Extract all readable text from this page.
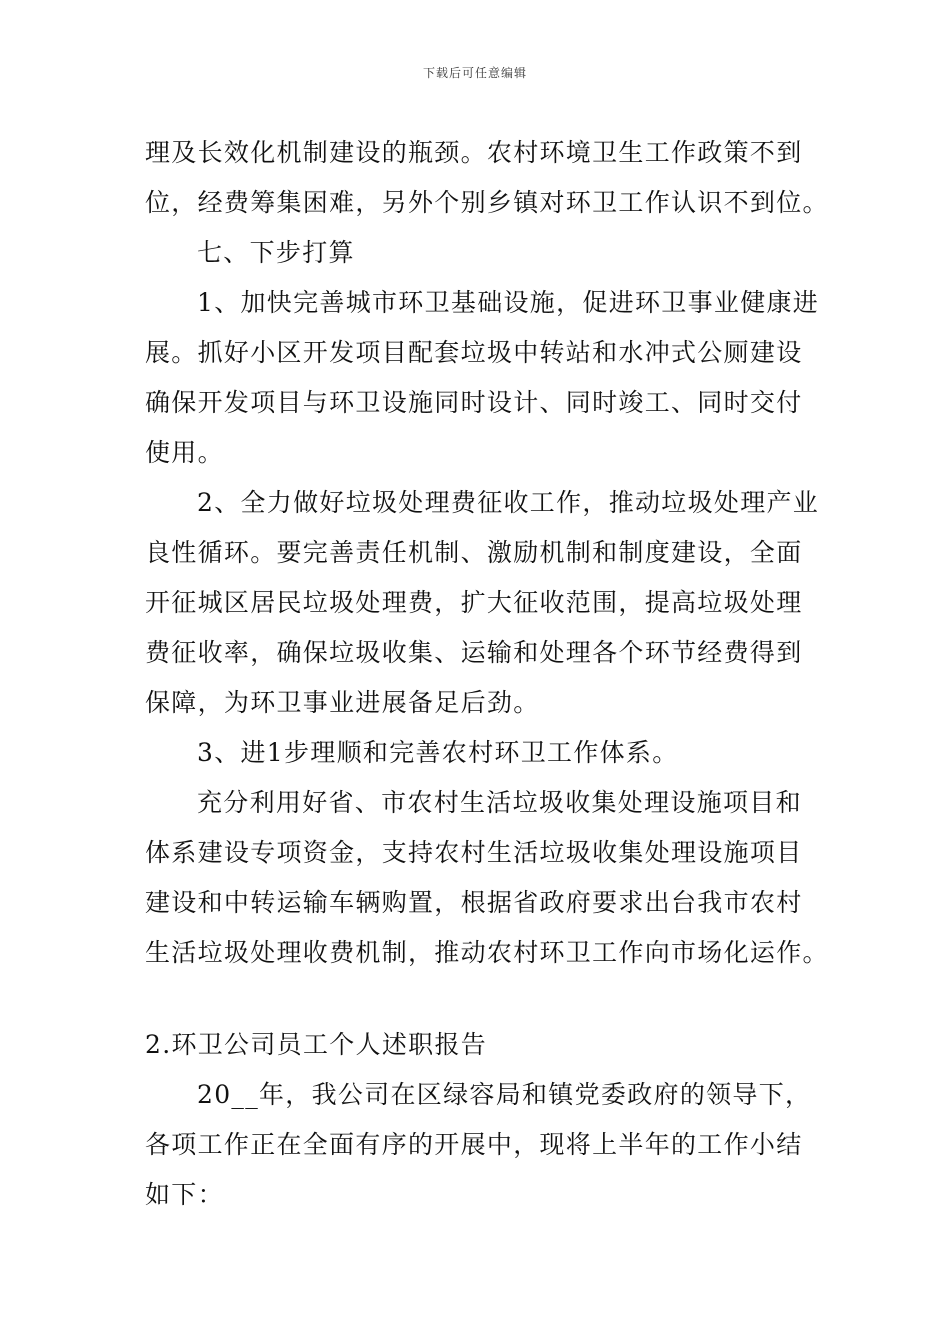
下载后可任意编辑
理及长效化机制建设的瓶颈。农村环境卫生工作政策不到
位，经费筹集困难，另外个别乡镇对环卫工作认识不到位。
七、下步打算
1、加快完善城市环卫基础设施，促进环卫事业健康进
展。抓好小区开发项目配套垃圾中转站和水冲式公厕建设
确保开发项目与环卫设施同时设计、同时竣工、同时交付
使用。
2、全力做好垃圾处理费征收工作，推动垃圾处理产业
良性循环。要完善责任机制、激励机制和制度建设，全面
开征城区居民垃圾处理费，扩大征收范围，提高垃圾处理
费征收率，确保垃圾收集、运输和处理各个环节经费得到
保障，为环卫事业进展备足后劲。
3、进1步理顺和完善农村环卫工作体系。
充分利用好省、市农村生活垃圾收集处理设施项目和
体系建设专项资金，支持农村生活垃圾收集处理设施项目
建设和中转运输车辆购置，根据省政府要求出台我市农村
生活垃圾处理收费机制，推动农村环卫工作向市场化运作。
2.环卫公司员工个人述职报告
20__年，我公司在区绿容局和镇党委政府的领导下，
各项工作正在全面有序的开展中，现将上半年的工作小结
如下：
